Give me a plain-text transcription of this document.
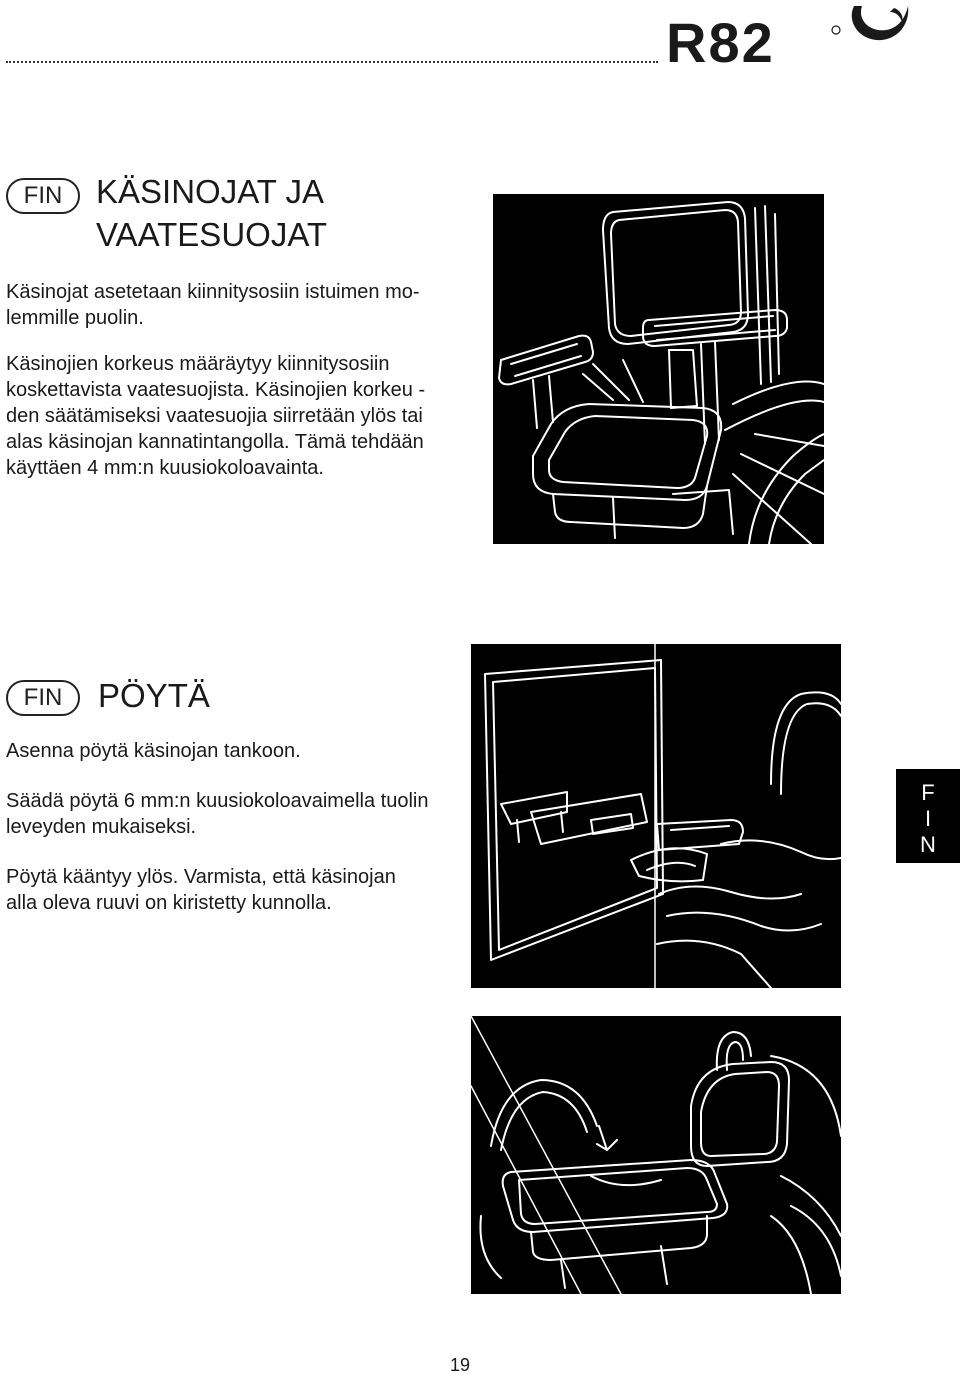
R82
FIN	KÄSINOJAT JA
VAATESUOJAT

Käsinojat asetetaan kiinnitysosiin istuimen mo-

lemmille puolin.

Käsinojien korkeus määräytyy kiinnitysosiin

koskettavista vaatesuojista. Käsinojien korkeu -

den säätämiseksi vaatesuojia siirretään ylös tai

alas käsinojan kannatintangolla. Tämä tehdään

käyttäen 4 mm:n kuusiokoloavainta.

FIN	PÖYTÄ

Asenna pöytä käsinojan tankoon.

Säädä pöytä 6 mm:n kuusiokoloavaimella tuolin

leveyden mukaiseksi.

Pöytä kääntyy ylös. Varmista, että käsinojan

alla oleva ruuvi on kiristetty kunnolla.

F
I
N
19
